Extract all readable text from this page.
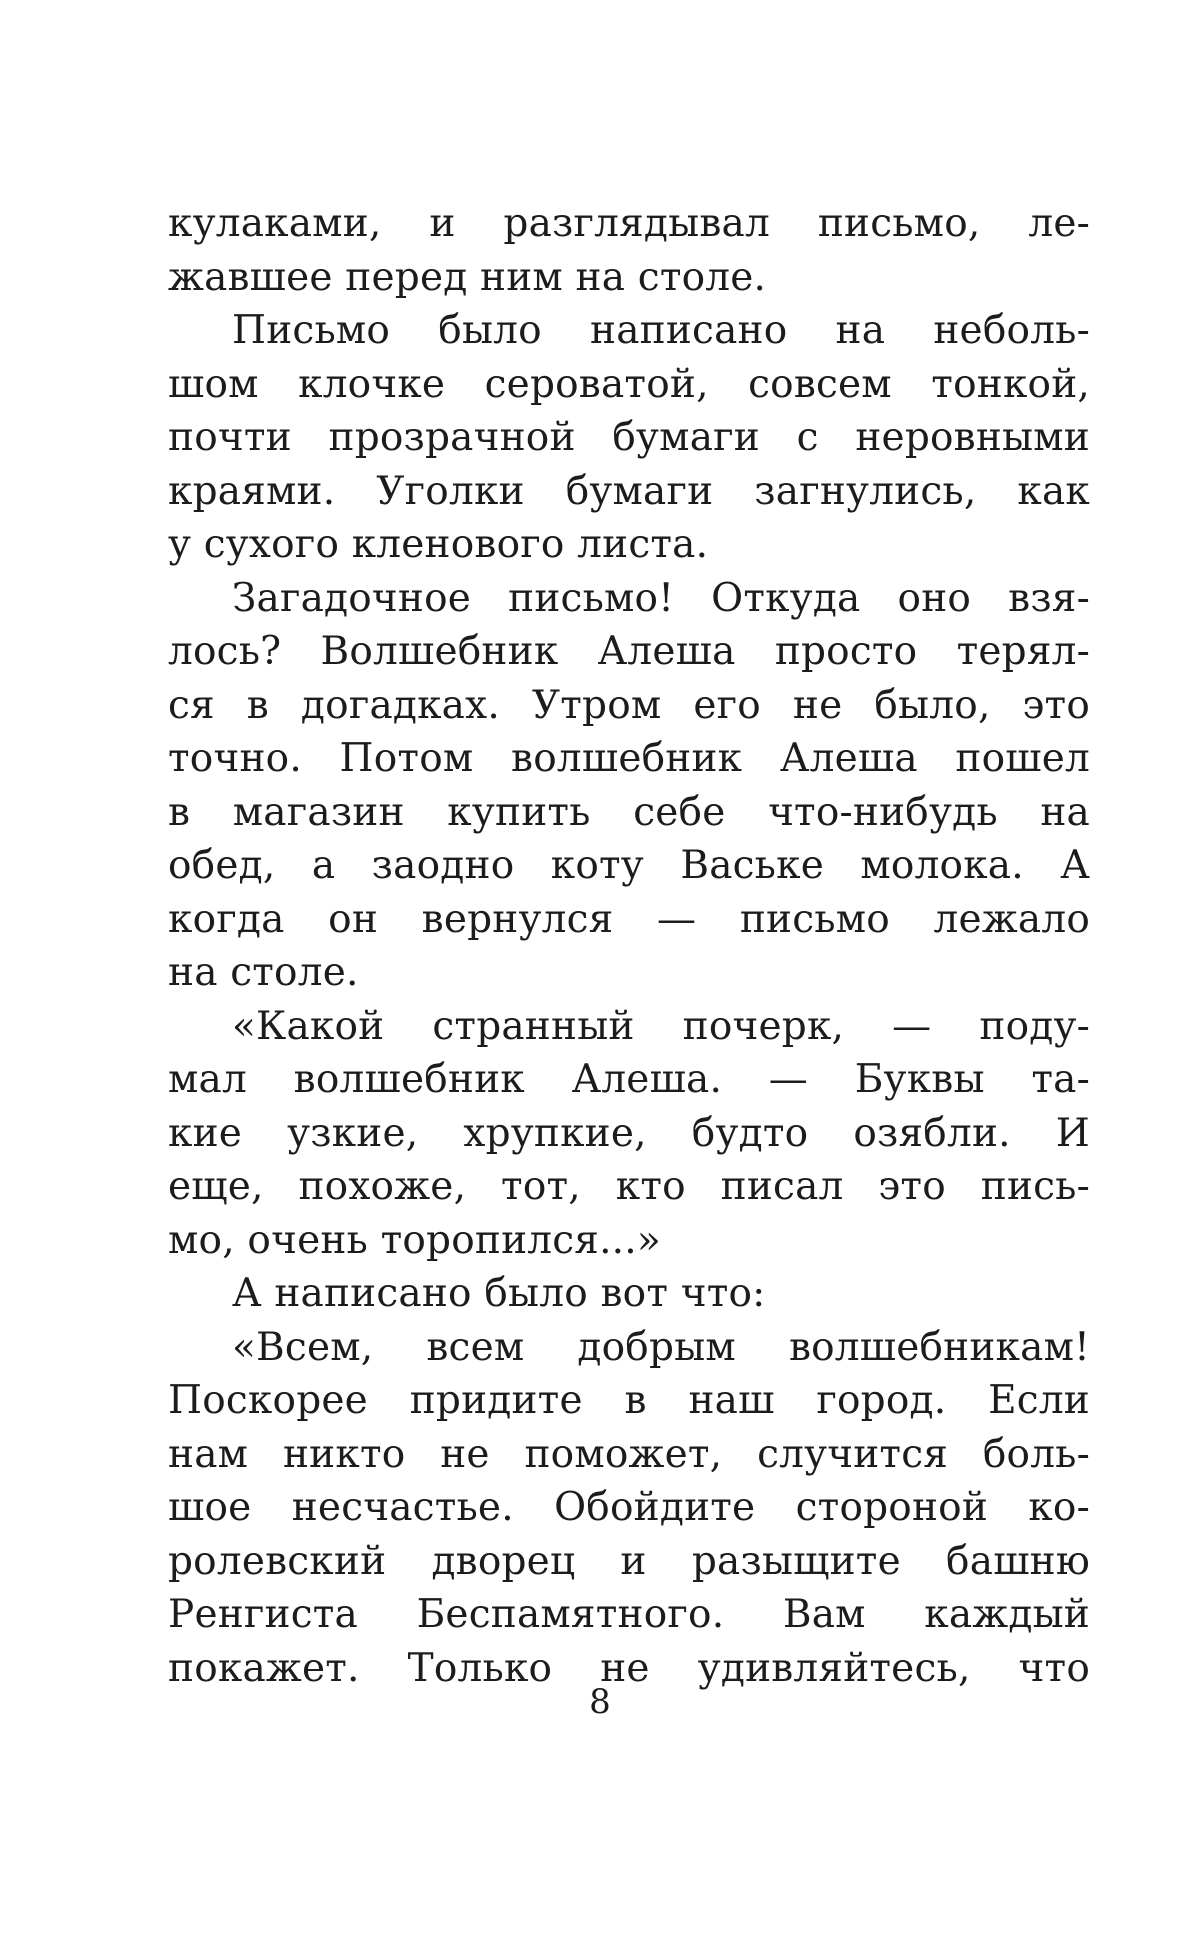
кулаками, и разглядывал письмо, ле-
жавшее перед ним на столе.
Письмо было написано на неболь-
шом клочке сероватой, совсем тонкой,
почти прозрачной бумаги с неровными
краями. Уголки бумаги загнулись, как
у сухого кленового листа.
Загадочное письмо! Откуда оно взя-
лось? Волшебник Алеша просто терял-
ся в догадках. Утром его не было, это
точно. Потом волшебник Алеша пошел
в магазин купить себе что-нибудь на
обед, а заодно коту Ваське молока. А
когда он вернулся — письмо лежало
на столе.
«Какой странный почерк, — поду-
мал волшебник Алеша. — Буквы та-
кие узкие, хрупкие, будто озябли. И
еще, похоже, тот, кто писал это пись-
мо, очень торопился...»
А написано было вот что:
«Всем, всем добрым волшебникам!
Поскорее придите в наш город. Если
нам никто не поможет, случится боль-
шое несчастье. Обойдите стороной ко-
ролевский дворец и разыщите башню
Ренгиста Беспамятного. Вам каждый
покажет. Только не удивляйтесь, что
8
